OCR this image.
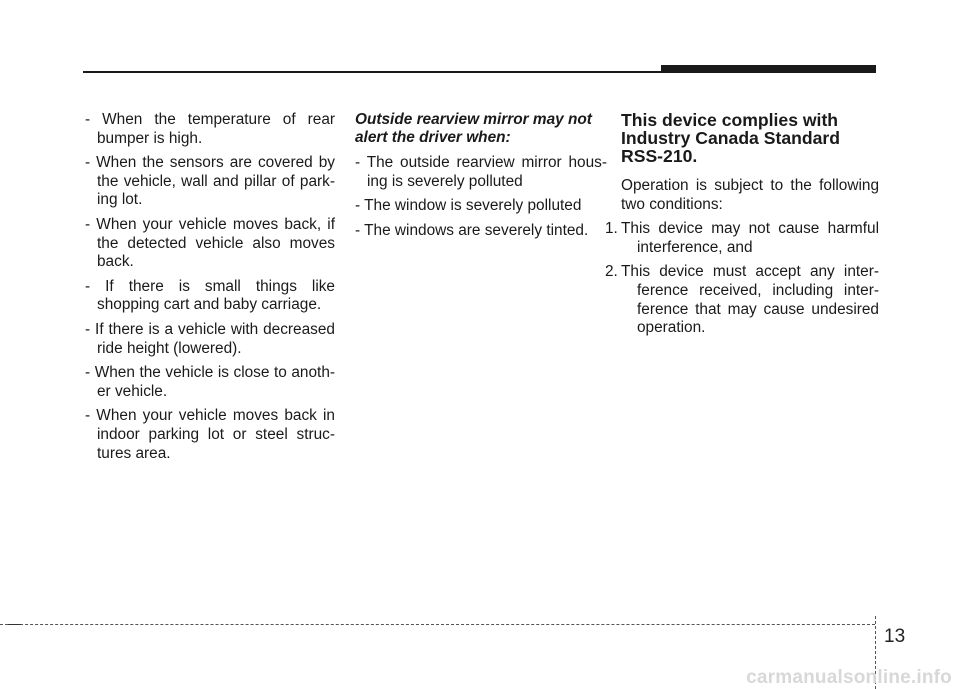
- When the temperature of rear bumper is high.
- When the sensors are covered by the vehicle, wall and pillar of park-ing lot.
- When your vehicle moves back, if the detected vehicle also moves back.
- If there is small things like shopping cart and baby carriage.
- If there is a vehicle with decreased ride height (lowered).
- When the vehicle is close to anoth-er vehicle.
- When your vehicle moves back in indoor parking lot or steel struc-tures area.

Outside rearview mirror may not alert the driver when:

- The outside rearview mirror hous-ing is severely polluted
- The window is severely polluted
- The windows are severely tinted.

This device complies with Industry Canada Standard RSS-210.

Operation is subject to the following two conditions:

1. This device may not cause harmful interference, and
2. This device must accept any inter-ference received, including inter-ference that may cause undesired operation.
13
carmanualsonline.info
